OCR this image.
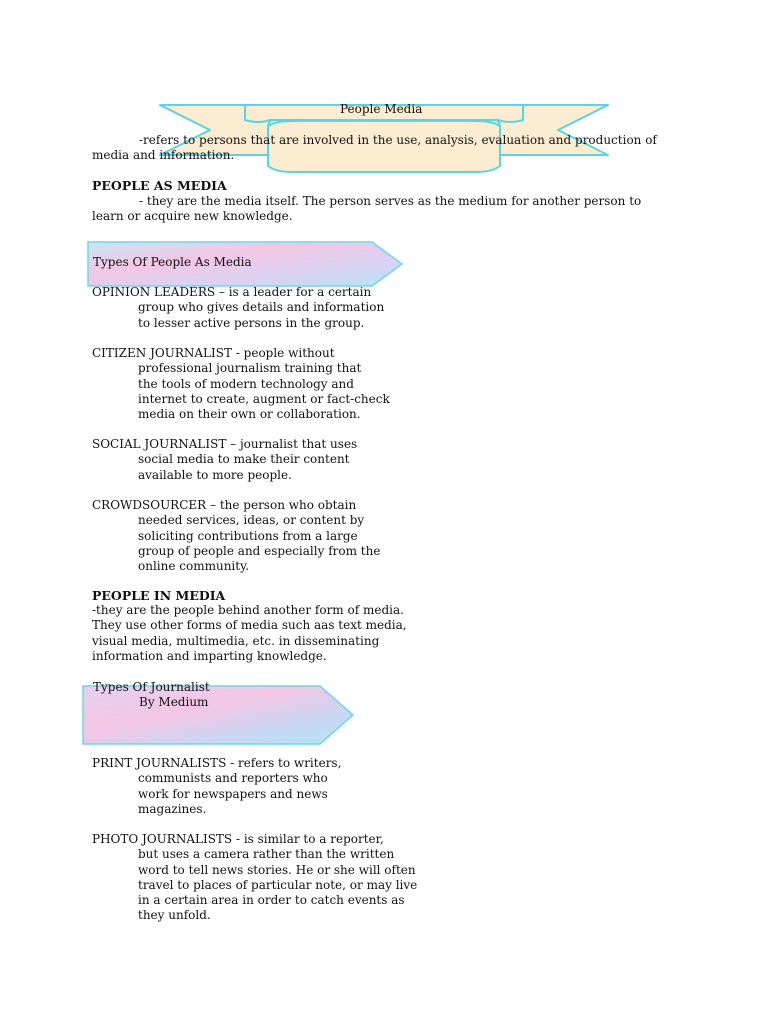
People Media

-refers to persons that are involved in the use, analysis, evaluation and production of

media and information.

PEOPLE AS MEDIA

- they are the media itself. The person serves as the medium for another person to

learn or acquire new knowledge.

Types Of People As Media

OPINION LEADERS – is a leader for a certain
group who gives details and information
to lesser active persons in the group.
CITIZEN JOURNALIST - people without
professional journalism training that
the tools of modern technology and
internet to create, augment or fact-check
media on their own or collaboration.
SOCIAL JOURNALIST – journalist that uses
social media to make their content
available to more people.
CROWDSOURCER – the person who obtain
needed services, ideas, or content by
soliciting contributions from a large
group of people and especially from the
online community.

PEOPLE IN MEDIA

-they are the people behind another form of media.
They use other forms of media such aas text media,
visual media, multimedia, etc. in disseminating
information and imparting knowledge.
Types Of Journalist
By Medium
PRINT JOURNALISTS - refers to writers,
communists and reporters who
work for newspapers and news
magazines.
PHOTO JOURNALISTS - is similar to a reporter,
but uses a camera rather than the written
word to tell news stories. He or she will often
travel to places of particular note, or may live
in a certain area in order to catch events as
they unfold.
